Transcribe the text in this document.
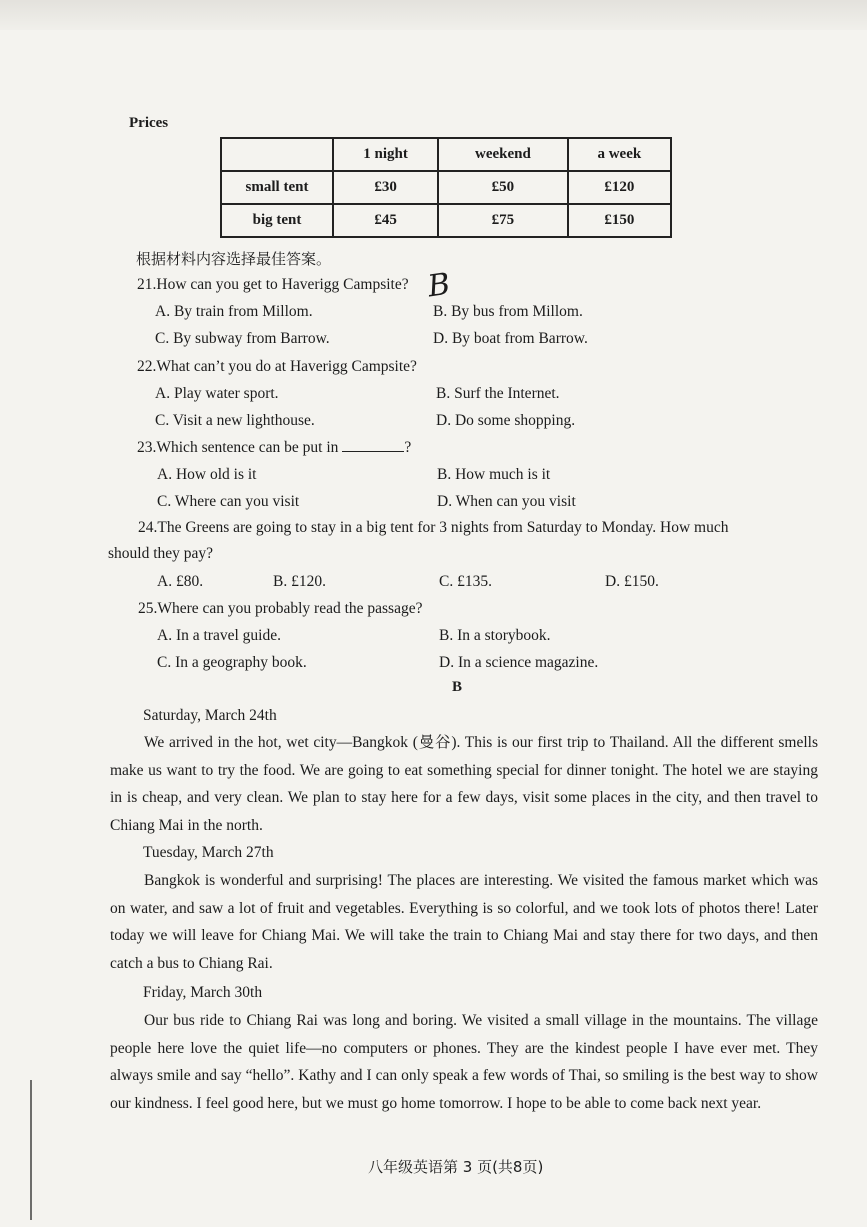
Prices
	1 night	weekend	a week
small tent	£30	£50	£120
big tent	£45	£75	£150
根据材料内容选择最佳答案。
21.How can you get to Haverigg Campsite? B
A. By train from Millom.	B. By bus from Millom.
C. By subway from Barrow.	D. By boat from Barrow.
22.What can’t you do at Haverigg Campsite?
A. Play water sport.	B. Surf the Internet.
C. Visit a new lighthouse.	D. Do some shopping.
23.Which sentence can be put in	?
A. How old is it	B. How much is it
C. Where can you visit	D. When can you visit
24.The Greens are going to stay in a big tent for 3 nights from Saturday to Monday. How much
should they pay?
A. £80.	B. £120.	C. £135.	D. £150.
25.Where can you probably read the passage?
A. In a travel guide.	B. In a storybook.
C. In a geography book.	D. In a science magazine.
B
Saturday, March 24th
We arrived in the hot, wet city—Bangkok (曼谷). This is our first trip to Thailand. All the different smells make us want to try the food. We are going to eat something special for dinner tonight. The hotel we are staying in is cheap, and very clean. We plan to stay here for a few days, visit some places in the city, and then travel to Chiang Mai in the north.
Tuesday, March 27th
Bangkok is wonderful and surprising! The places are interesting. We visited the famous market which was on water, and saw a lot of fruit and vegetables. Everything is so colorful, and we took lots of photos there! Later today we will leave for Chiang Mai. We will take the train to Chiang Mai and stay there for two days, and then catch a bus to Chiang Rai.
Friday, March 30th
Our bus ride to Chiang Rai was long and boring. We visited a small village in the mountains. The village people here love the quiet life—no computers or phones. They are the kindest people I have ever met. They always smile and say “hello”. Kathy and I can only speak a few words of Thai, so smiling is the best way to show our kindness. I feel good here, but we must go home tomorrow. I hope to be able to come back next year.
八年级英语第 3 页(共8页)
